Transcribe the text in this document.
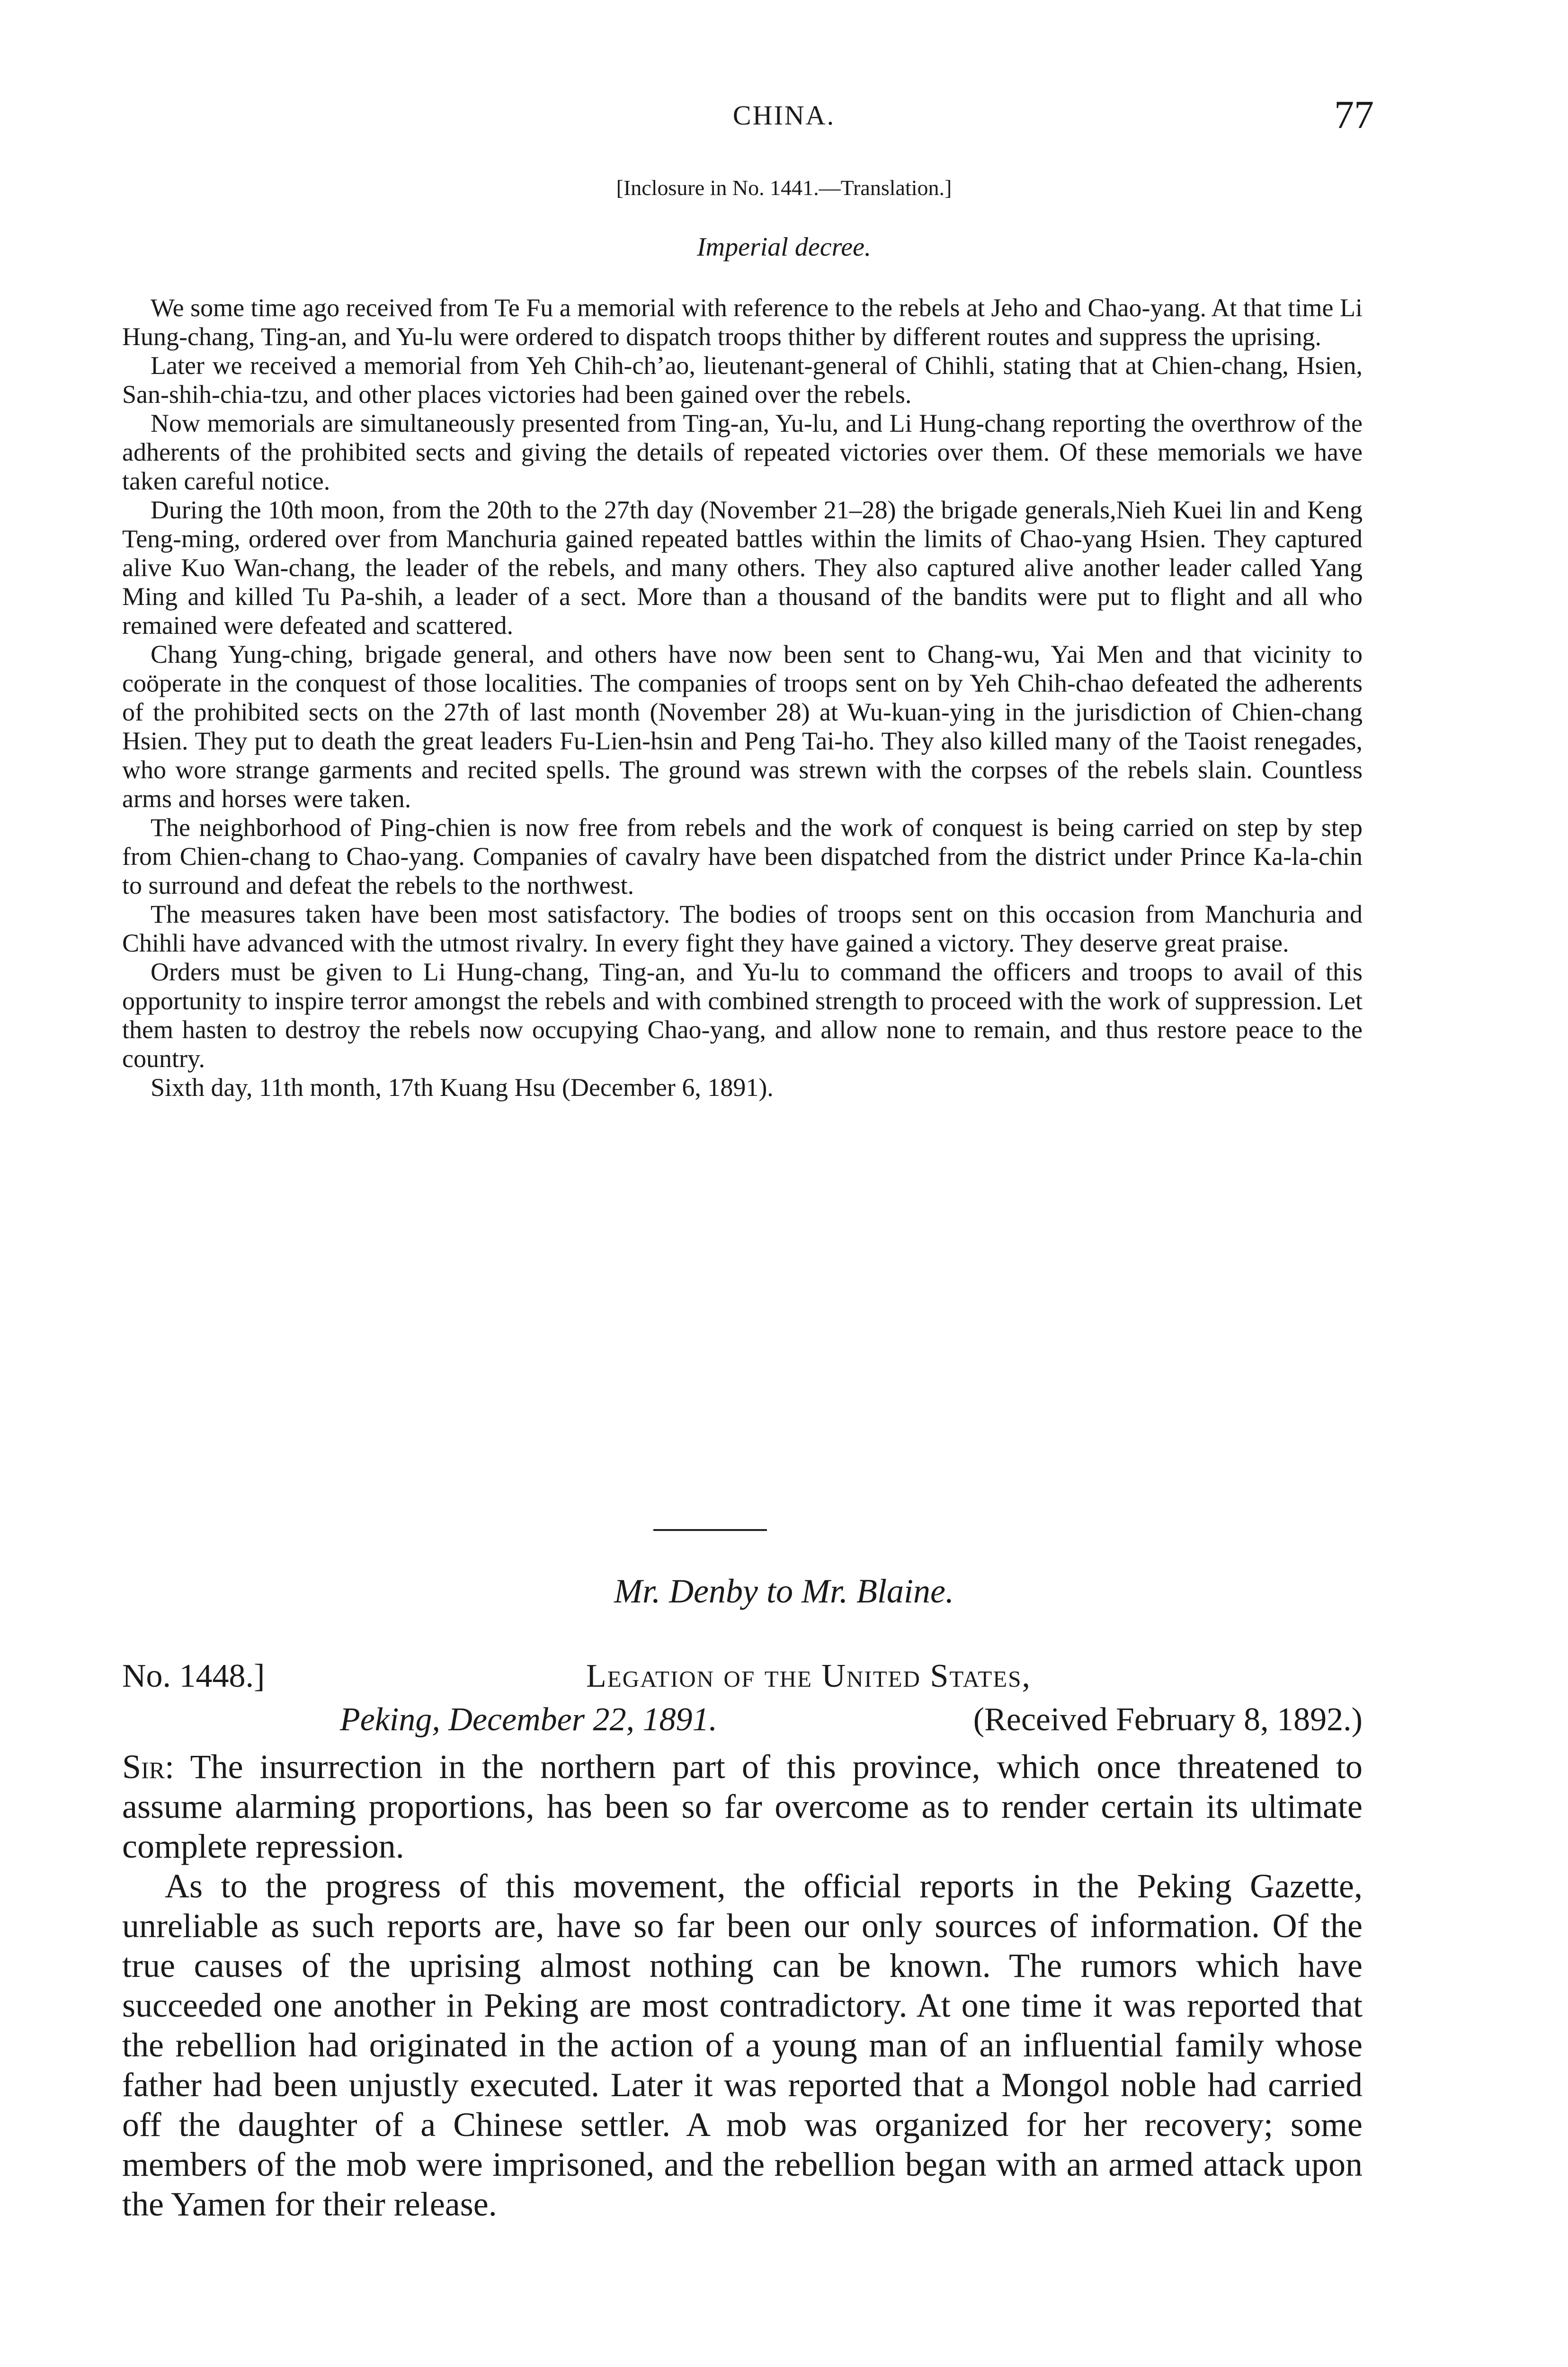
CHINA.	77
[Inclosure in No. 1441.—Translation.]
Imperial decree.

We some time ago received from Te Fu a memorial with reference to the rebels at Jeho and Chao-yang. At that time Li Hung-chang, Ting-an, and Yu-lu were ordered to dispatch troops thither by different routes and suppress the uprising.

Later we received a memorial from Yeh Chih-ch’ao, lieutenant-general of Chihli, stating that at Chien-chang, Hsien, San-shih-chia-tzu, and other places victories had been gained over the rebels.

Now memorials are simultaneously presented from Ting-an, Yu-lu, and Li Hung-chang reporting the overthrow of the adherents of the prohibited sects and giving the details of repeated victories over them. Of these memorials we have taken careful notice.

During the 10th moon, from the 20th to the 27th day (November 21–28) the brigade generals,Nieh Kuei lin and Keng Teng-ming, ordered over from Manchuria gained repeated battles within the limits of Chao-yang Hsien. They captured alive Kuo Wan-chang, the leader of the rebels, and many others. They also captured alive another leader called Yang Ming and killed Tu Pa-shih, a leader of a sect. More than a thousand of the bandits were put to flight and all who remained were defeated and scattered.

Chang Yung-ching, brigade general, and others have now been sent to Chang-wu, Yai Men and that vicinity to coöperate in the conquest of those localities. The companies of troops sent on by Yeh Chih-chao defeated the adherents of the prohibited sects on the 27th of last month (November 28) at Wu-kuan-ying in the jurisdiction of Chien-chang Hsien. They put to death the great leaders Fu-Lien-hsin and Peng Tai-ho. They also killed many of the Taoist renegades, who wore strange garments and recited spells. The ground was strewn with the corpses of the rebels slain. Countless arms and horses were taken.

The neighborhood of Ping-chien is now free from rebels and the work of conquest is being carried on step by step from Chien-chang to Chao-yang. Companies of cavalry have been dispatched from the district under Prince Ka-la-chin to surround and defeat the rebels to the northwest.

The measures taken have been most satisfactory. The bodies of troops sent on this occasion from Manchuria and Chihli have advanced with the utmost rivalry. In every fight they have gained a victory. They deserve great praise.

Orders must be given to Li Hung-chang, Ting-an, and Yu-lu to command the officers and troops to avail of this opportunity to inspire terror amongst the rebels and with combined strength to proceed with the work of suppression. Let them hasten to destroy the rebels now occupying Chao-yang, and allow none to remain, and thus restore peace to the country.

Sixth day, 11th month, 17th Kuang Hsu (December 6, 1891).

Mr. Denby to Mr. Blaine.
No. 1448.]	Legation of the United States,
Peking, December 22, 1891.	(Received February 8, 1892.)

Sir: The insurrection in the northern part of this province, which once threatened to assume alarming proportions, has been so far overcome as to render certain its ultimate complete repression.

As to the progress of this movement, the official reports in the Peking Gazette, unreliable as such reports are, have so far been our only sources of information. Of the true causes of the uprising almost nothing can be known. The rumors which have succeeded one another in Peking are most contradictory. At one time it was reported that the rebellion had originated in the action of a young man of an influential family whose father had been unjustly executed. Later it was reported that a Mongol noble had carried off the daughter of a Chinese settler. A mob was organized for her recovery; some members of the mob were imprisoned, and the rebellion began with an armed attack upon the Yamen for their release.
